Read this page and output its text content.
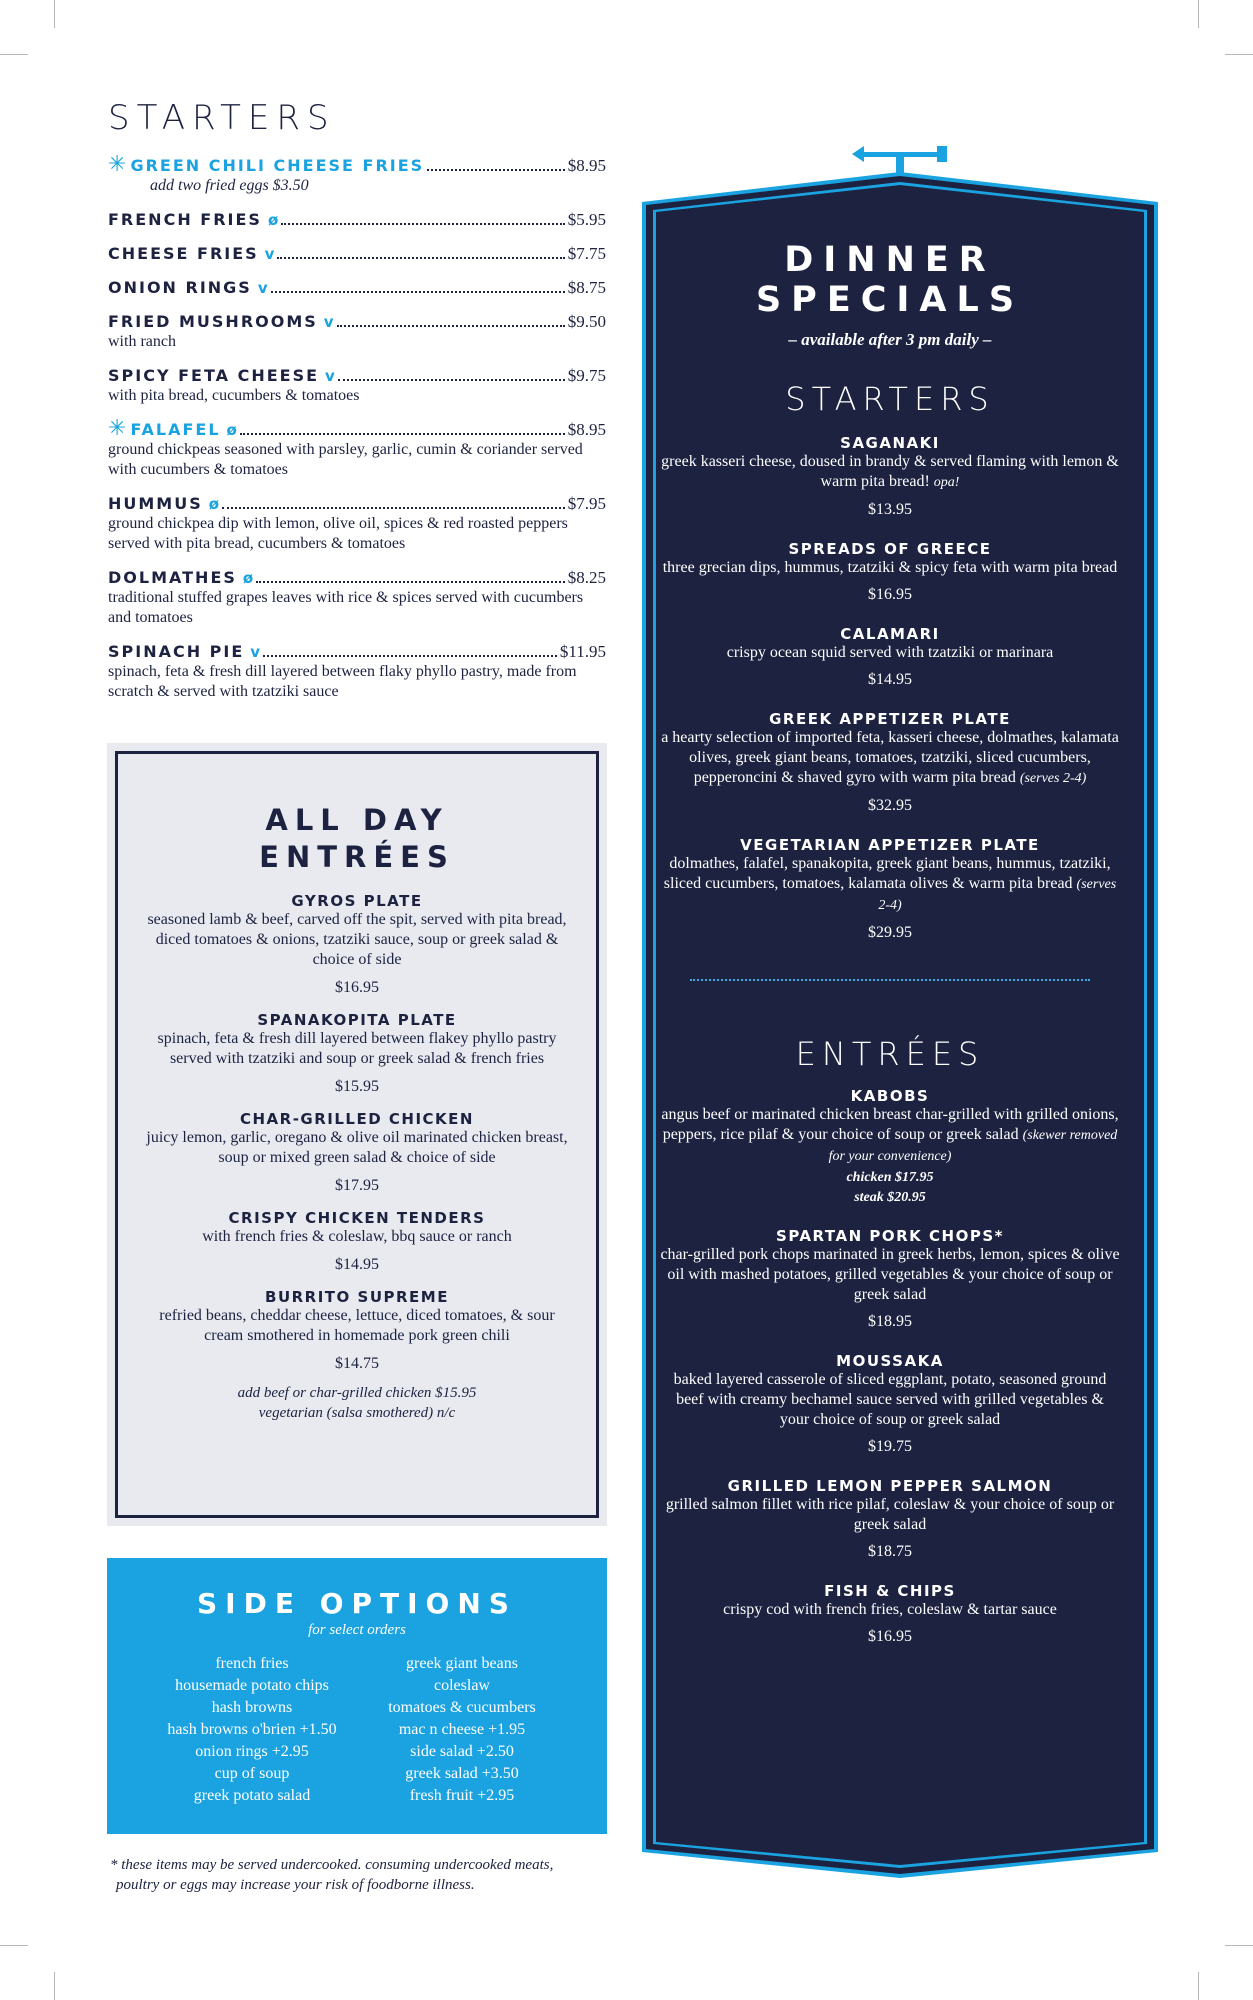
STARTERS
✳ GREEN CHILI CHEESE FRIES	$8.95
add two fried eggs $3.50
FRENCH FRIES ø	$5.95
CHEESE FRIES v	$7.75
ONION RINGS v	$8.75
FRIED MUSHROOMS v	$9.50
with ranch
SPICY FETA CHEESE v	$9.75
with pita bread, cucumbers & tomatoes
✳ FALAFEL ø	$8.95
ground chickpeas seasoned with parsley, garlic, cumin & coriander served with cucumbers & tomatoes
HUMMUS ø	$7.95
ground chickpea dip with lemon, olive oil, spices & red roasted peppers served with pita bread, cucumbers & tomatoes
DOLMATHES ø	$8.25
traditional stuffed grapes leaves with rice & spices served with cucumbers and tomatoes
SPINACH PIE v	$11.95
spinach, feta & fresh dill layered between flaky phyllo pastry, made from scratch & served with tzatziki sauce
ALL DAY
ENTRÉES
GYROS PLATE
seasoned lamb & beef, carved off the spit, served with pita bread, diced tomatoes & onions, tzatziki sauce, soup or greek salad & choice of side
$16.95
SPANAKOPITA PLATE
spinach, feta & fresh dill layered between flakey phyllo pastry served with tzatziki and soup or greek salad & french fries
$15.95
CHAR-GRILLED CHICKEN
juicy lemon, garlic, oregano & olive oil marinated chicken breast, soup or mixed green salad & choice of side
$17.95
CRISPY CHICKEN TENDERS
with french fries & coleslaw, bbq sauce or ranch
$14.95
BURRITO SUPREME
refried beans, cheddar cheese, lettuce, diced tomatoes, & sour cream smothered in homemade pork green chili
$14.75
add beef or char-grilled chicken $15.95
vegetarian (salsa smothered) n/c
SIDE OPTIONS
for select orders
french fries
housemade potato chips
hash browns
hash browns o'brien +1.50
onion rings +2.95
cup of soup
greek potato salad
greek giant beans
coleslaw
tomatoes & cucumbers
mac n cheese +1.95
side salad +2.50
greek salad +3.50
fresh fruit +2.95
* these items may be served undercooked. consuming undercooked meats,
poultry or eggs may increase your risk of foodborne illness.
DINNER
SPECIALS
– available after 3 pm daily –
STARTERS
SAGANAKI
greek kasseri cheese, doused in brandy & served flaming with lemon & warm pita bread! opa!
$13.95
SPREADS OF GREECE
three grecian dips, hummus, tzatziki & spicy feta with warm pita bread
$16.95
CALAMARI
crispy ocean squid served with tzatziki or marinara
$14.95
GREEK APPETIZER PLATE
a hearty selection of imported feta, kasseri cheese, dolmathes, kalamata olives, greek giant beans, tomatoes, tzatziki, sliced cucumbers, pepperoncini & shaved gyro with warm pita bread (serves 2-4)
$32.95
VEGETARIAN APPETIZER PLATE
dolmathes, falafel, spanakopita, greek giant beans, hummus, tzatziki, sliced cucumbers, tomatoes, kalamata olives & warm pita bread (serves 2-4)
$29.95
ENTRÉES
KABOBS
angus beef or marinated chicken breast char-grilled with grilled onions, peppers, rice pilaf & your choice of soup or greek salad (skewer removed for your convenience)
chicken $17.95
steak $20.95
SPARTAN PORK CHOPS*
char-grilled pork chops marinated in greek herbs, lemon, spices & olive oil with mashed potatoes, grilled vegetables & your choice of soup or greek salad
$18.95
MOUSSAKA
baked layered casserole of sliced eggplant, potato, seasoned ground beef with creamy bechamel sauce served with grilled vegetables & your choice of soup or greek salad
$19.75
GRILLED LEMON PEPPER SALMON
grilled salmon fillet with rice pilaf, coleslaw & your choice of soup or greek salad
$18.75
FISH & CHIPS
crispy cod with french fries, coleslaw & tartar sauce
$16.95
